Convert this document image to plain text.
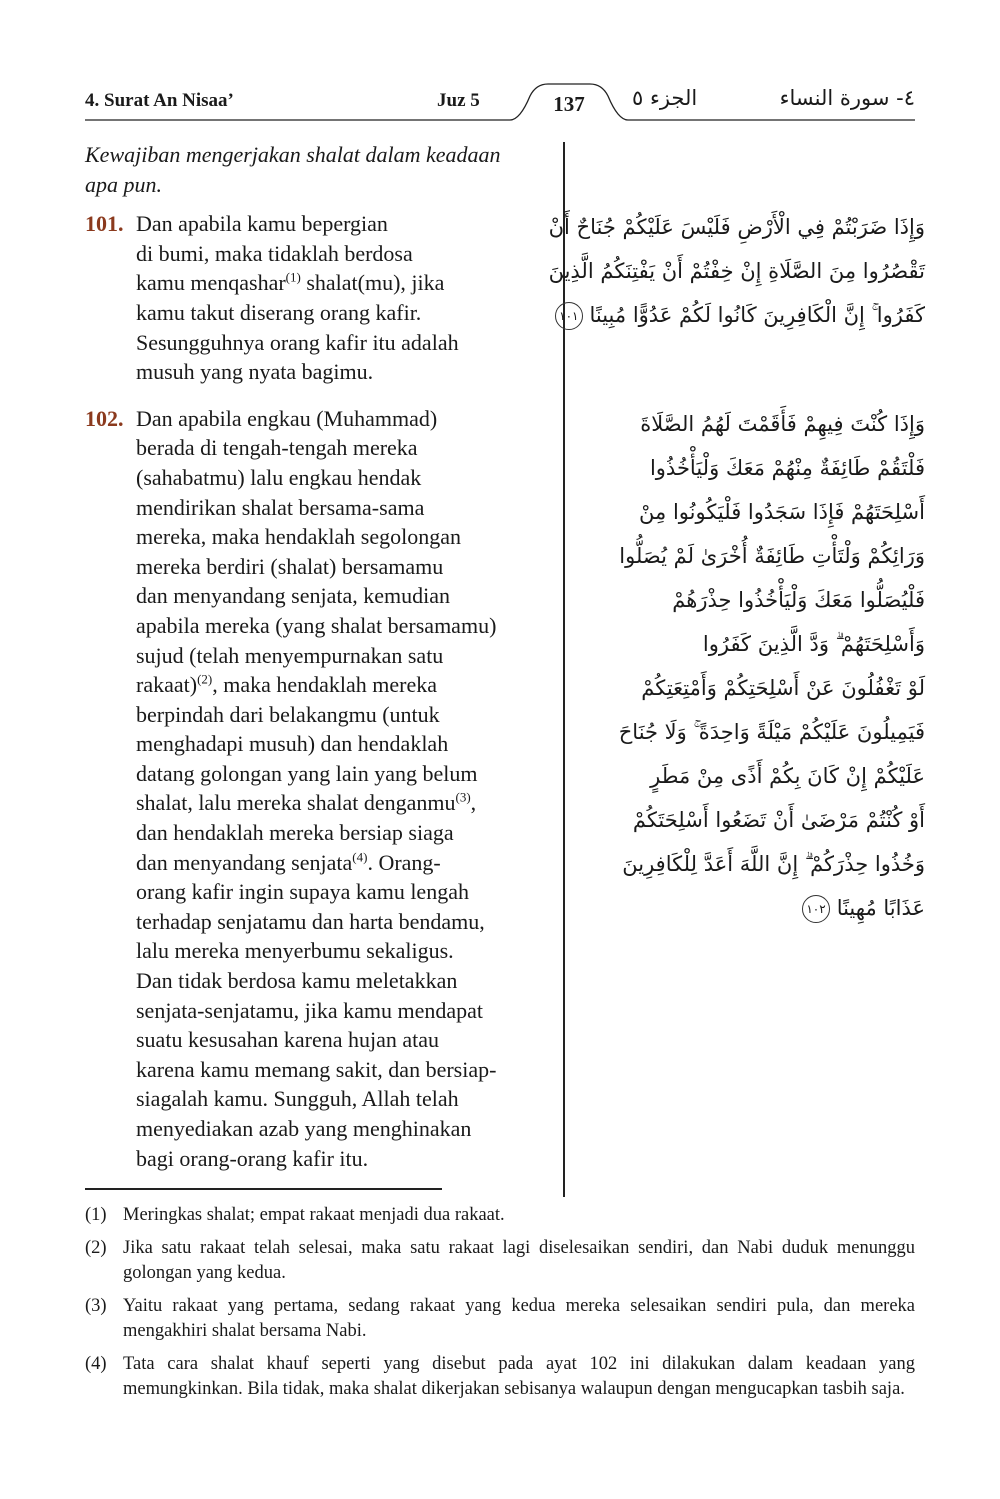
4. Surat An Nisaa’	Juz 5	137	الجزء ٥	٤- سورة النساء
Kewajiban mengerjakan shalat dalam keadaan apa pun.
101. Dan apabila kamu bepergian
di bumi, maka tidaklah berdosa
kamu menqashar$^{(1)}$ shalat(mu), jika
kamu takut diserang orang kafir.
Sesungguhnya orang kafir itu adalah
musuh yang nyata bagimu.
102. Dan apabila engkau (Muhammad)
berada di tengah-tengah mereka
(sahabatmu) lalu engkau hendak
mendirikan shalat bersama-sama
mereka, maka hendaklah segolongan
mereka berdiri (shalat) bersamamu
dan menyandang senjata, kemudian
apabila mereka (yang shalat bersamamu)
sujud (telah menyempurnakan satu
rakaat)$^{(2)}$, maka hendaklah mereka
berpindah dari belakangmu (untuk
menghadapi musuh) dan hendaklah
datang golongan yang lain yang belum
shalat, lalu mereka shalat denganmu$^{(3)}$,
dan hendaklah mereka bersiap siaga
dan menyandang senjata$^{(4)}$. Orang-
orang kafir ingin supaya kamu lengah
terhadap senjatamu dan harta bendamu,
lalu mereka menyerbumu sekaligus.
Dan tidak berdosa kamu meletakkan
senjata-senjatamu, jika kamu mendapat
suatu kesusahan karena hujan atau
karena kamu memang sakit, dan bersiap-
siagalah kamu. Sungguh, Allah telah
menyediakan azab yang menghinakan
bagi orang-orang kafir itu.
وَإِذَا ضَرَبْتُمْ فِي الْأَرْضِ فَلَيْسَ عَلَيْكُمْ جُنَاحٌ أَنْ
تَقْصُرُوا مِنَ الصَّلَاةِ إِنْ خِفْتُمْ أَنْ يَفْتِنَكُمُ الَّذِينَ
كَفَرُوا ۚ إِنَّ الْكَافِرِينَ كَانُوا لَكُمْ عَدُوًّا مُبِينًا ١٠١
وَإِذَا كُنْتَ فِيهِمْ فَأَقَمْتَ لَهُمُ الصَّلَاةَ
فَلْتَقُمْ طَائِفَةٌ مِنْهُمْ مَعَكَ وَلْيَأْخُذُوا
أَسْلِحَتَهُمْ فَإِذَا سَجَدُوا فَلْيَكُونُوا مِنْ
وَرَائِكُمْ وَلْتَأْتِ طَائِفَةٌ أُخْرَىٰ لَمْ يُصَلُّوا
فَلْيُصَلُّوا مَعَكَ وَلْيَأْخُذُوا حِذْرَهُمْ
وَأَسْلِحَتَهُمْ ۗ وَدَّ الَّذِينَ كَفَرُوا
لَوْ تَغْفُلُونَ عَنْ أَسْلِحَتِكُمْ وَأَمْتِعَتِكُمْ
فَيَمِيلُونَ عَلَيْكُمْ مَيْلَةً وَاحِدَةً ۚ وَلَا جُنَاحَ
عَلَيْكُمْ إِنْ كَانَ بِكُمْ أَذًى مِنْ مَطَرٍ
أَوْ كُنْتُمْ مَرْضَىٰ أَنْ تَضَعُوا أَسْلِحَتَكُمْ
وَخُذُوا حِذْرَكُمْ ۗ إِنَّ اللَّهَ أَعَدَّ لِلْكَافِرِينَ
عَذَابًا مُهِينًا ١٠٢
(1) Meringkas shalat; empat rakaat menjadi dua rakaat.
(2) Jika satu rakaat telah selesai, maka satu rakaat lagi diselesaikan sendiri, dan Nabi duduk menunggu golongan yang kedua.
(3) Yaitu rakaat yang pertama, sedang rakaat yang kedua mereka selesaikan sendiri pula, dan mereka mengakhiri shalat bersama Nabi.
(4) Tata cara shalat khauf seperti yang disebut pada ayat 102 ini dilakukan dalam keadaan yang memungkinkan. Bila tidak, maka shalat dikerjakan sebisanya walaupun dengan mengucapkan tasbih saja.
